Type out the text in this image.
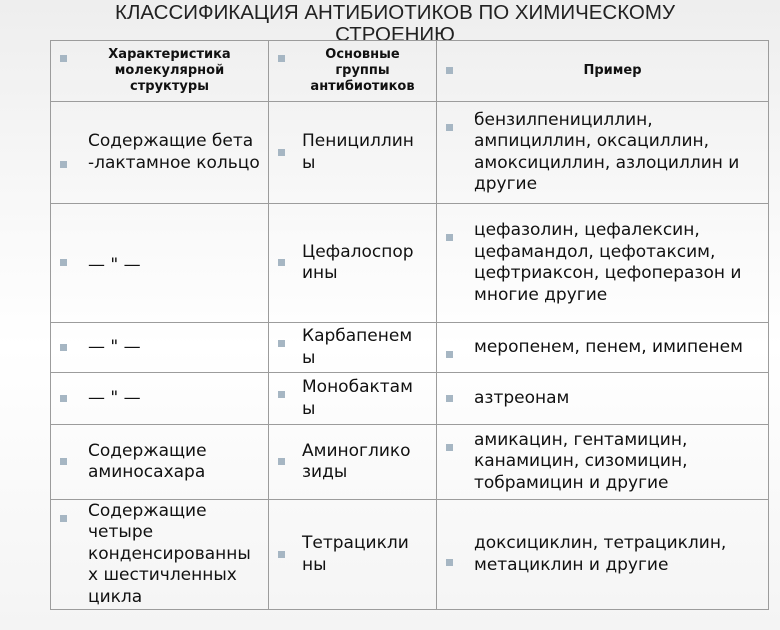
КЛАССИФИКАЦИЯ АНТИБИОТИКОВ ПО ХИМИЧЕСКОМУ СТРОЕНИЮ
Характеристика молекулярной структуры	Основные группы антибиотиков	Пример

Содержащие бета -лактамное кольцо	Пенициллин ы	бензилпенициллин, ампициллин, оксациллин, амоксициллин, азлоциллин и другие

— " —	Цефалоспор ины	цефазолин, цефалексин, цефамандол, цефотаксим, цефтриаксон, цефоперазон и многие другие

— " —	Карбапенем ы	меропенем, пенем, имипенем

— " —	Монобактам ы	азтреонам

Содержащие аминосахара	Аминоглико зиды	амикацин, гентамицин, канамицин, сизомицин, тобрамицин и другие

Содержащие четыре конденсированны х шестичленных цикла	Тетрацикли ны	доксициклин, тетрациклин, метациклин и другие
